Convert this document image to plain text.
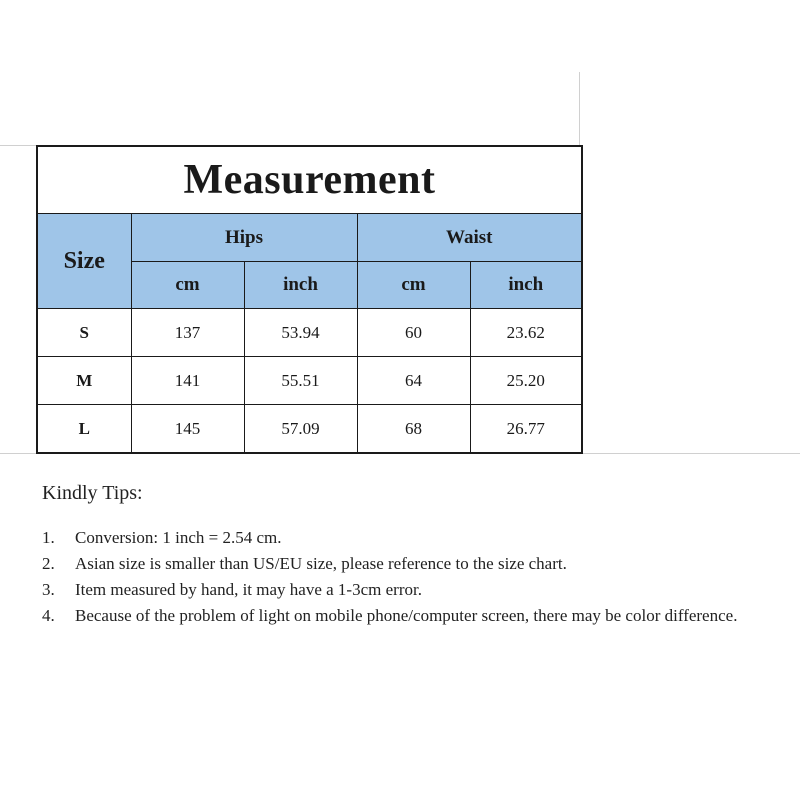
Measurement				
Size	Hips		Waist	
	cm	inch	cm	inch
S	137	53.94	60	23.62
M	141	55.51	64	25.20
L	145	57.09	68	26.77
Kindly Tips:
1. Conversion: 1 inch = 2.54 cm.
2. Asian size is smaller than US/EU size, please reference to the size chart.
3. Item measured by hand, it may have a 1-3cm error.
4. Because of the problem of light on mobile phone/computer screen, there may be color difference.
